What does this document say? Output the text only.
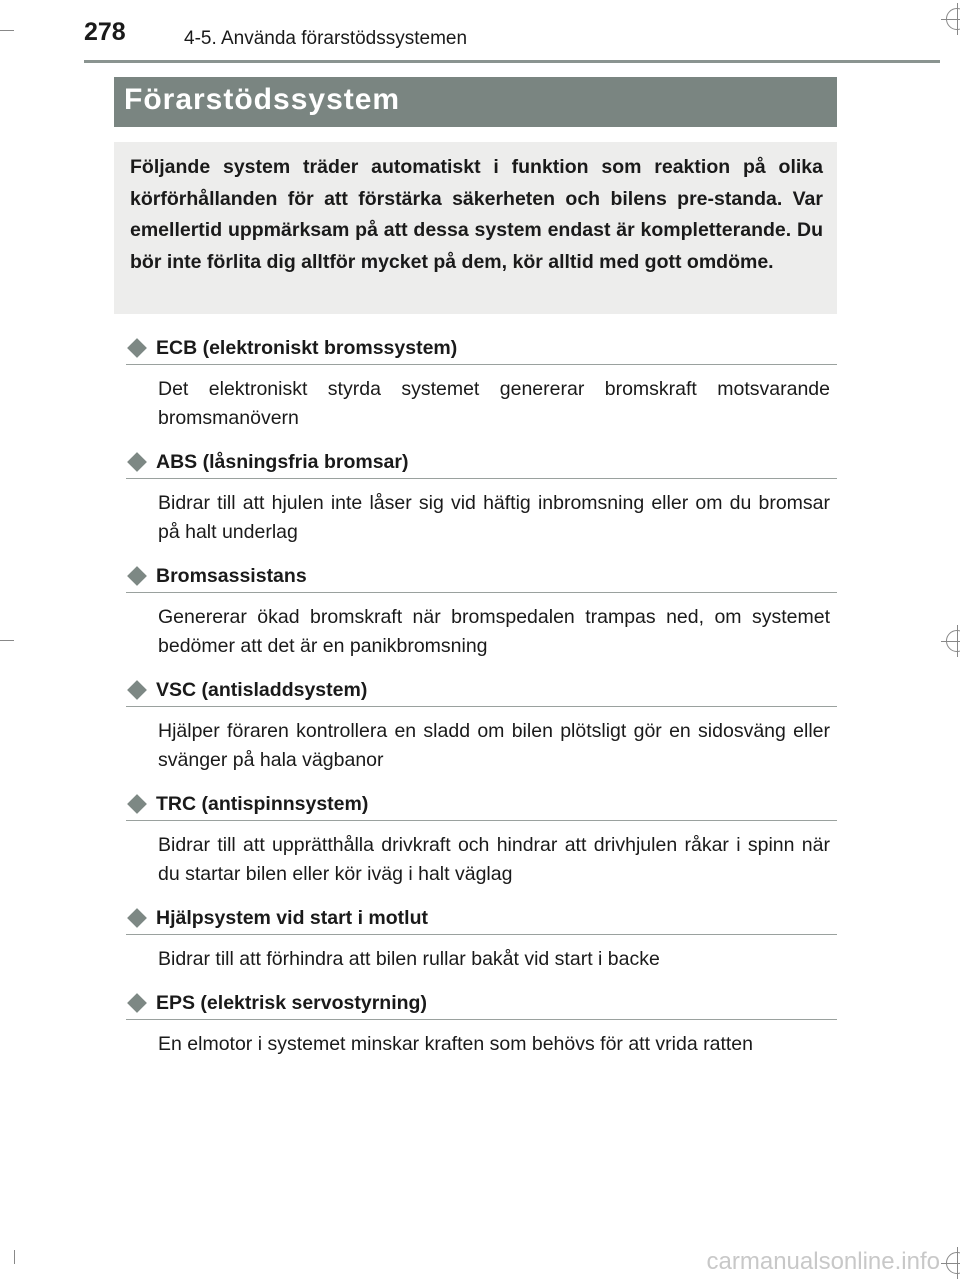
278	4-5. Använda förarstödssystemen
Förarstödssystem
Följande system träder automatiskt i funktion som reaktion på olika körförhållanden för att förstärka säkerheten och bilens pre-standa. Var emellertid uppmärksam på att dessa system endast är kompletterande. Du bör inte förlita dig alltför mycket på dem, kör alltid med gott omdöme.
ECB (elektroniskt bromssystem)
Det elektroniskt styrda systemet genererar bromskraft motsvarande bromsmanövern
ABS (låsningsfria bromsar)
Bidrar till att hjulen inte låser sig vid häftig inbromsning eller om du bromsar på halt underlag
Bromsassistans
Genererar ökad bromskraft när bromspedalen trampas ned, om systemet bedömer att det är en panikbromsning
VSC (antisladdsystem)
Hjälper föraren kontrollera en sladd om bilen plötsligt gör en sidosväng eller svänger på hala vägbanor
TRC (antispinnsystem)
Bidrar till att upprätthålla drivkraft och hindrar att drivhjulen råkar i spinn när du startar bilen eller kör iväg i halt väglag
Hjälpsystem vid start i motlut
Bidrar till att förhindra att bilen rullar bakåt vid start i backe
EPS (elektrisk servostyrning)
En elmotor i systemet minskar kraften som behövs för att vrida ratten
carmanualsonline.info
